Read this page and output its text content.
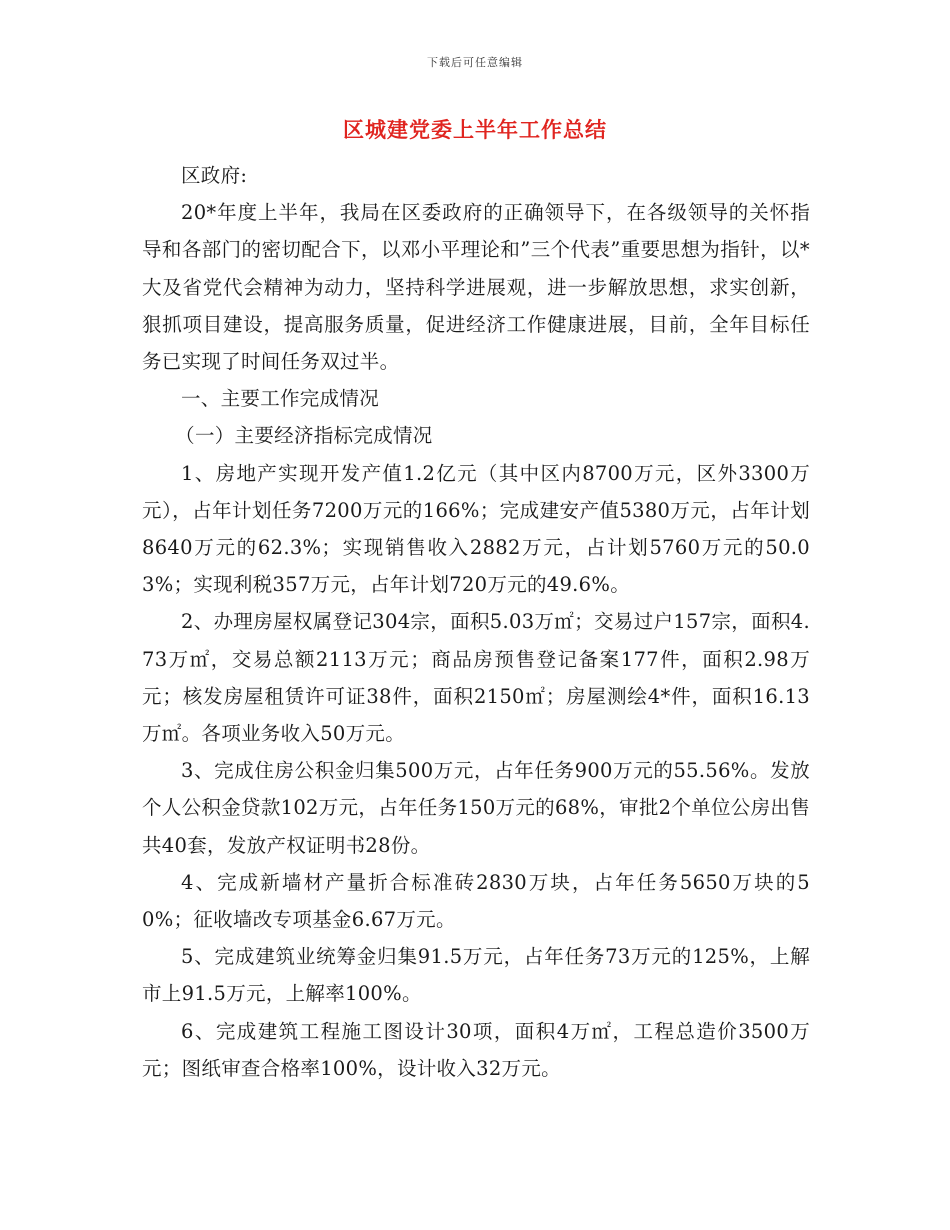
下载后可任意编辑
区城建党委上半年工作总结

区政府:

20*年度上半年，我局在区委政府的正确领导下，在各级领导的关怀指导和各部门的密切配合下，以邓小平理论和”三个代表”重要思想为指针，以*大及省党代会精神为动力，坚持科学进展观，进一步解放思想，求实创新，狠抓项目建设，提高服务质量，促进经济工作健康进展，目前，全年目标任务已实现了时间任务双过半。

一、主要工作完成情况

（一）主要经济指标完成情况

1、房地产实现开发产值1.2亿元（其中区内8700万元，区外3300万元），占年计划任务7200万元的166%；完成建安产值5380万元，占年计划8640万元的62.3%；实现销售收入2882万元，占计划5760万元的50.03%；实现利税357万元，占年计划720万元的49.6%。

2、办理房屋权属登记304宗，面积5.03万㎡；交易过户157宗，面积4.73万㎡，交易总额2113万元；商品房预售登记备案177件，面积2.98万元；核发房屋租赁许可证38件，面积2150㎡；房屋测绘4*件，面积16.13万㎡。各项业务收入50万元。

3、完成住房公积金归集500万元，占年任务900万元的55.56%。发放个人公积金贷款102万元，占年任务150万元的68%，审批2个单位公房出售共40套，发放产权证明书28份。

4、完成新墙材产量折合标准砖2830万块，占年任务5650万块的50%；征收墙改专项基金6.67万元。

5、完成建筑业统筹金归集91.5万元，占年任务73万元的125%，上解市上91.5万元，上解率100%。

6、完成建筑工程施工图设计30项，面积4万㎡，工程总造价3500万元；图纸审查合格率100%，设计收入32万元。
